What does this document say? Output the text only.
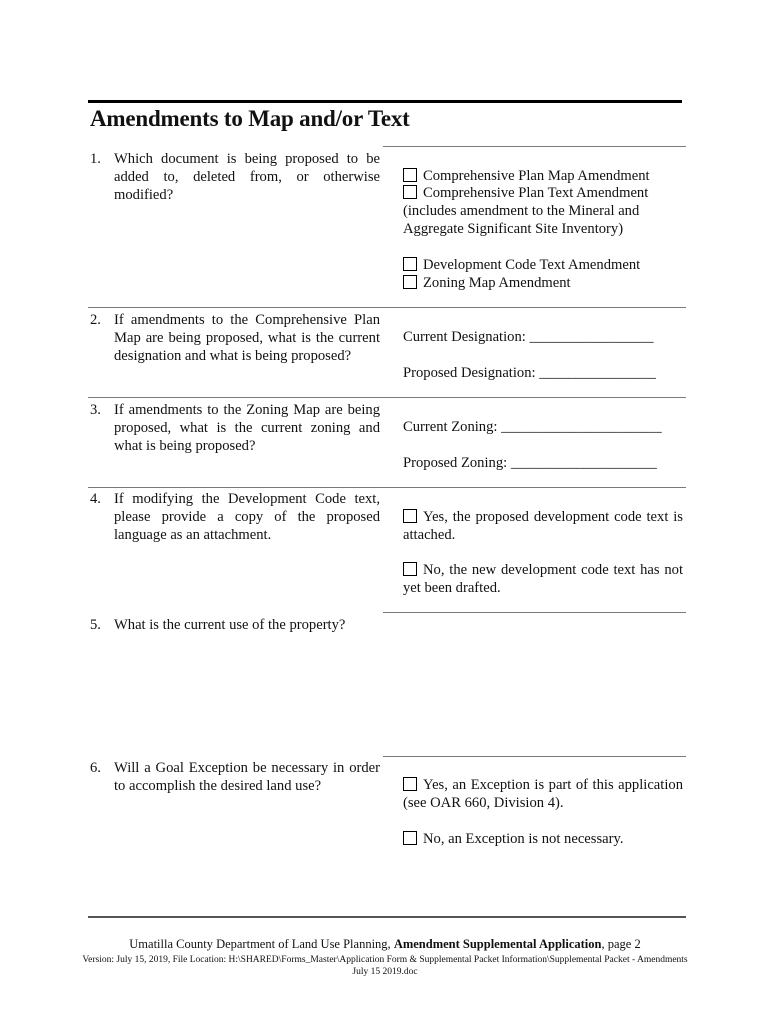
Amendments to Map and/or Text
1. Which document is being proposed to be added to, deleted from, or otherwise modified?
Comprehensive Plan Map Amendment
Comprehensive Plan Text Amendment
(includes amendment to the Mineral and Aggregate Significant Site Inventory)
Development Code Text Amendment
Zoning Map Amendment
2. If amendments to the Comprehensive Plan Map are being proposed, what is the current designation and what is being proposed?
Current Designation: _________________
Proposed Designation: ________________
3. If amendments to the Zoning Map are being proposed, what is the current zoning and what is being proposed?
Current Zoning: ______________________
Proposed Zoning: ____________________
4. If modifying the Development Code text, please provide a copy of the proposed language as an attachment.
Yes, the proposed development code text is attached.
No, the new development code text has not yet been drafted.
5. What is the current use of the property?
6. Will a Goal Exception be necessary in order to accomplish the desired land use?	Yes, an Exception is part of this application (see OAR 660, Division 4).
No, an Exception is not necessary.
Umatilla County Department of Land Use Planning, Amendment Supplemental Application, page 2
Version: July 15, 2019, File Location: H:\SHARED\Forms_Master\Application Form & Supplemental Packet Information\Supplemental Packet - Amendments July 15 2019.doc
